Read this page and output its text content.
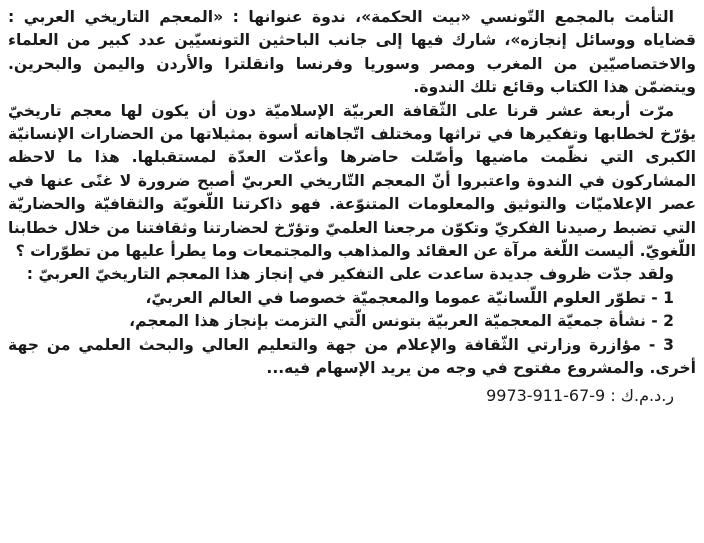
التأمت بالمجمع التّونسي «بيت الحكمة»، ندوة عنوانها : «المعجم التاريخي العربي : قضاياه ووسائل إنجازه»، شارك فيها إلى جانب الباحثين التونسيّين عدد كبير من العلماء والاختصاصيّين من المغرب ومصر وسوريا وفرنسا وانقلترا والأردن واليمن والبحرين. ويتضمّن هذا الكتاب وقائع تلك الندوة.

مرّت أربعة عشر قرنا على الثّقافة العربيّة الإسلاميّة دون أن يكون لها معجم تاريخيّ يؤرّخ لخطابها وتفكيرها في تراثها ومختلف اتّجاهاته أسوة بمثيلاتها من الحضارات الإنسانيّة الكبرى التي نظّمت ماضيها وأصّلت حاضرها وأعدّت العدّة لمستقبلها. هذا ما لاحظه المشاركون في الندوة واعتبروا أنّ المعجم التّاريخي العربيّ أصبح ضرورة لا غنًى عنها في عصر الإعلاميّات والتوثيق والمعلومات المتنوّعة. فهو ذاكرتنا اللّغويّة والثقافيّة والحضاريّة التي تضبط رصيدنا الفكريّ وتكوّن مرجعنا العلميّ وتؤرّخ لحضارتنا وثقافتنا من خلال خطابنا اللّغويّ. أليست اللّغة مرآة عن العقائد والمذاهب والمجتمعات وما يطرأ عليها من تطوّرات ؟

ولقد جدّت ظروف جديدة ساعدت على التفكير في إنجاز هذا المعجم التاريخيّ العربيّ :

1 - تطوّر العلوم اللّسانيّة عموما والمعجميّة خصوصا في العالم العربيّ،

2 - نشأة جمعيّة المعجميّة العربيّة بتونس الّتي التزمت بإنجاز هذا المعجم،

3 - مؤازرة وزارتي الثّقافة والإعلام من جهة والتعليم العالي والبحث العلمي من جهة أخرى. والمشروع مفتوح في وجه من يريد الإسهام فيه...

ر.د.م.ك : 9-67-911-9973
